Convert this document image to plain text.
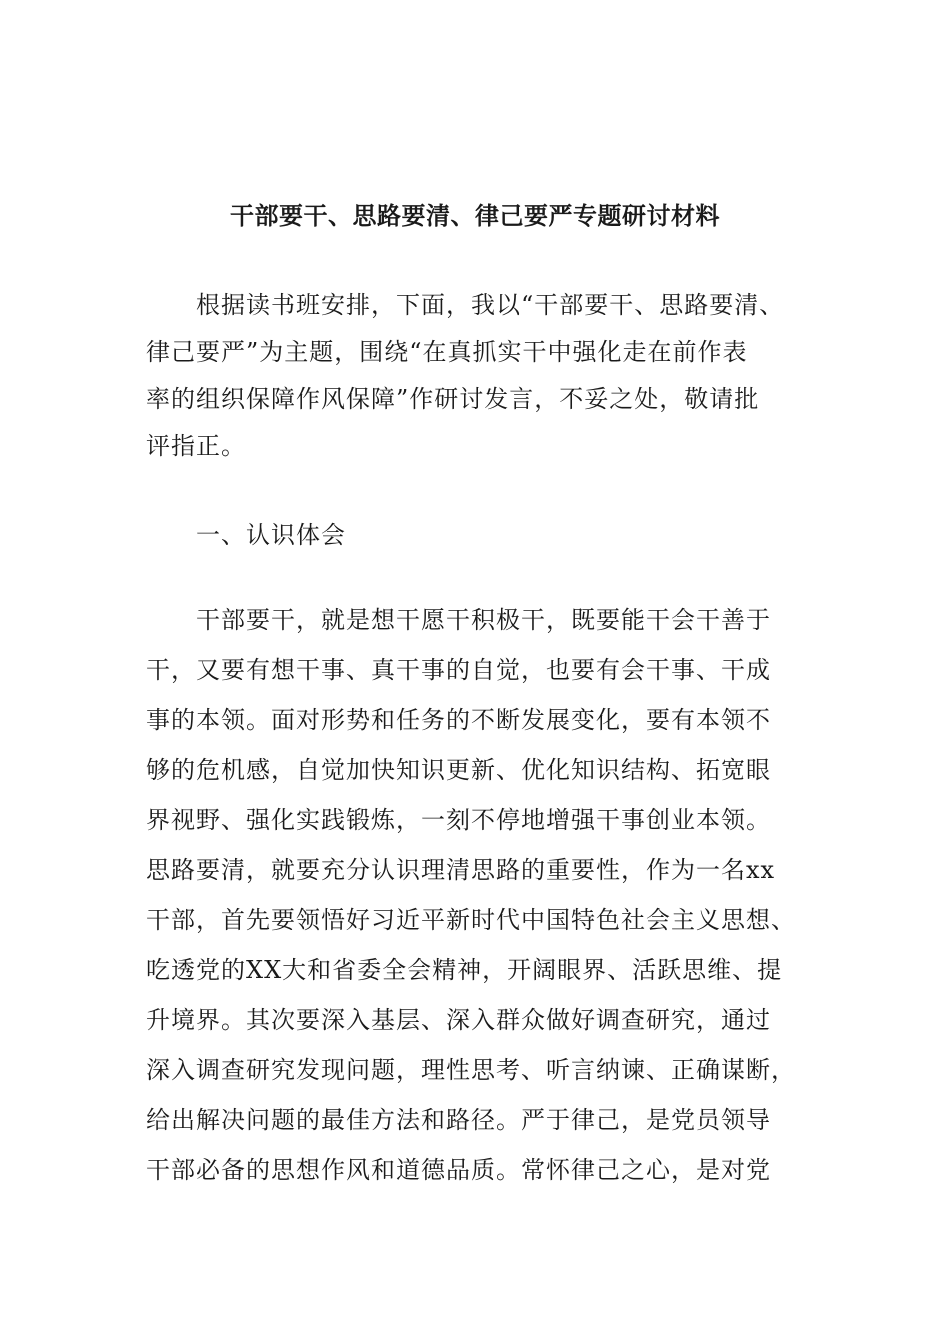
干部要干、思路要清、律己要严专题研讨材料

根据读书班安排，下面，我以“干部要干、思路要清、

律己要严”为主题，围绕“在真抓实干中强化走在前作表

率的组织保障作风保障”作研讨发言，不妥之处，敬请批

评指正。

一、认识体会

干部要干，就是想干愿干积极干，既要能干会干善于

干，又要有想干事、真干事的自觉，也要有会干事、干成

事的本领。面对形势和任务的不断发展变化，要有本领不

够的危机感，自觉加快知识更新、优化知识结构、拓宽眼

界视野、强化实践锻炼，一刻不停地增强干事创业本领。

思路要清，就要充分认识理清思路的重要性，作为一名xx

干部，首先要领悟好习近平新时代中国特色社会主义思想、

吃透党的XX大和省委全会精神，开阔眼界、活跃思维、提

升境界。其次要深入基层、深入群众做好调查研究，通过

深入调查研究发现问题，理性思考、听言纳谏、正确谋断，

给出解决问题的最佳方法和路径。严于律己，是党员领导

干部必备的思想作风和道德品质。常怀律己之心，是对党
